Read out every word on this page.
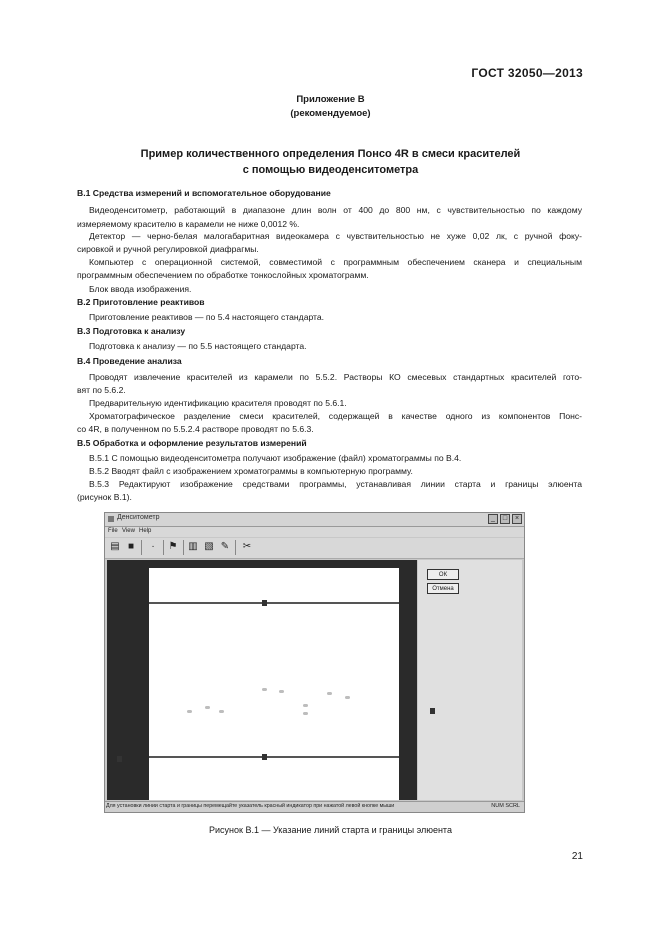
ГОСТ 32050—2013
Приложение В
(рекомендуемое)
Пример количественного определения Понсо 4R в смеси красителей
с помощью видеоденситометра
В.1 Средства измерений и вспомогательное оборудование
Видеоденситометр, работающий в диапазоне длин волн от 400 до 800 нм, с чувствительностью по каждому
измеряемому красителю в карамели не ниже 0,0012 %.
Детектор — черно-белая малогабаритная видеокамера с чувствительностью не хуже 0,02 лк, с ручной фоку-
сировкой и ручной регулировкой диафрагмы.
Компьютер с операционной системой, совместимой с программным обеспечением сканера и специальным
программным обеспечением по обработке тонкослойных хроматограмм.
Блок ввода изображения.
В.2 Приготовление реактивов
Приготовление реактивов — по 5.4 настоящего стандарта.
В.3 Подготовка к анализу
Подготовка к анализу — по 5.5 настоящего стандарта.
В.4 Проведение анализа
Проводят извлечение красителей из карамели по 5.5.2. Растворы КО смесевых стандартных красителей гото-
вят по 5.6.2.
Предварительную идентификацию красителя проводят по 5.6.1.
Хроматографическое разделение смеси красителей, содержащей в качестве одного из компонентов Понс-
со 4R, в полученном по 5.5.2.4 растворе проводят по 5.6.3.
В.5 Обработка и оформление результатов измерений
В.5.1 С помощью видеоденситометра получают изображение (файл) хроматограммы по В.4.
В.5.2 Вводят файл с изображением хроматограммы в компьютерную программу.
В.5.3 Редактируют изображение средствами программы, устанавливая линии старта и границы элюента
(рисунок В.1).
Денситометр	_	□	×
File View Help
▤ ■	·	⚑ ▥ ▧ ✎ ✂
ОК
Отмена
Для установки линии старта и границы перемещайте указатель красный индикатор при нажатой левой кнопке мыши	NUM SCRL
Рисунок В.1 — Указание линий старта и границы элюента
21
